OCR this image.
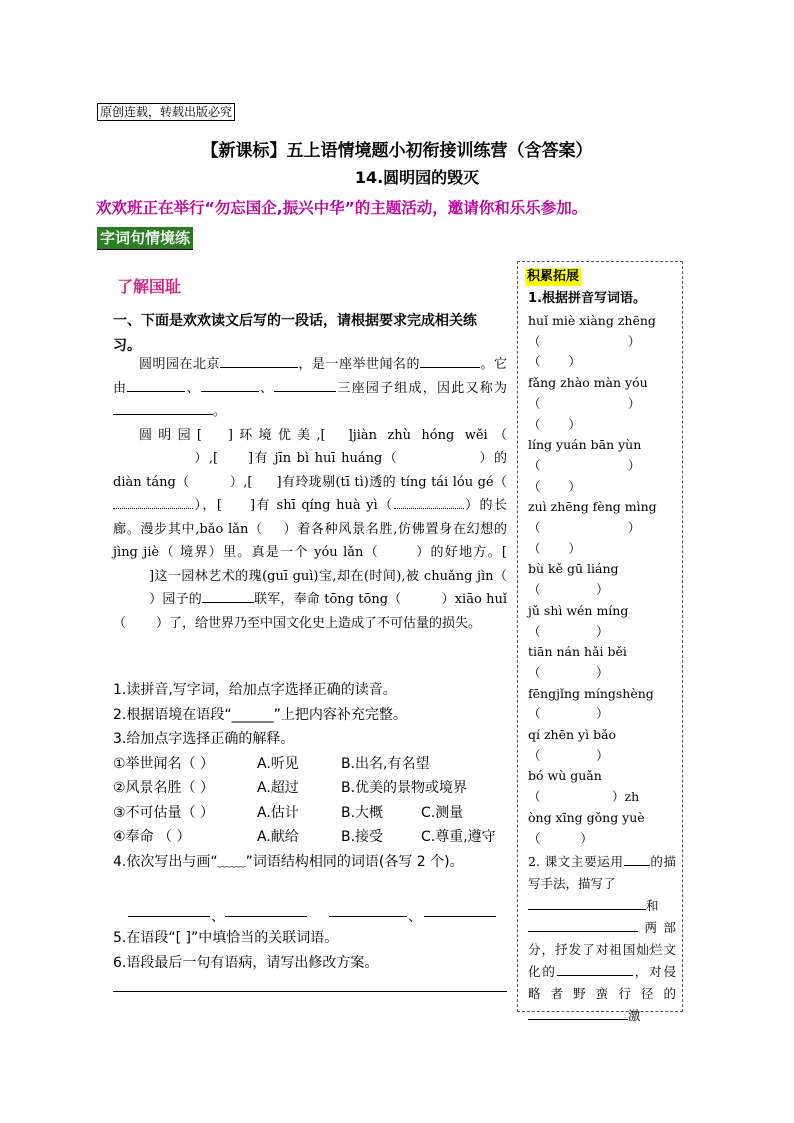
原创连载，转载出版必究
【新课标】五上语情境题小初衔接训练营（含答案）
14.圆明园的毁灭
欢欢班正在举行“勿忘国企,振兴中华”的主题活动，邀请你和乐乐参加。
字词句情境练
了解国耻
一、下面是欢欢读文后写的一段话，请根据要求完成相关练习。

圆明园在北京	，是一座举世闻名的	。它由	、	、	三座园子组成，因此又称为。

圆明园[ ]环境优美,[ ]jiàn zhù hóng wěi（）,[ ]有 jīn bì huī huáng（	）的 diàn táng（	）,[ ]有玲珑剔(tī tì)透的 tíng tái lóu gé（），[ ]有 shī qíng huà yì（	）的长廊。漫步其中,bǎo lǎn（ ）着各种风景名胜,仿佛置身在幻想的 jìng jiè（ 境界）里。真是一个 yóu lǎn（	）的好地方。[]这一园林艺术的瑰(guī guì)宝,却在(时间),被 chuǎng jìn（）园子的	联军，奉命 tōng tōng（	）xiāo huǐ（ ）了，给世界乃至中国文化史上造成了不可估量的损失。

1.读拼音,写字词，给加点字选择正确的读音。
2.根据语境在语段“______”上把内容补充完整。
3.给加点字选择正确的解释。
①举世闻名（ ）	A.听见	B.出名,有名望
②风景名胜（ ）	A.超过	B.优美的景物或境界
③不可估量（ ）	A.估计	B.大概	C.测量
④奉命 （ ）	A.献给	B.接受	C.尊重,遵守
4.依次写出与画“﹏﹏”词语结构相同的词语(各写 2 个)。
、	、
5.在语段“[ ]”中填恰当的关联词语。
6.语段最后一句有语病，请写出修改方案。
积累拓展
1.根据拼音写词语。
huǐ miè xiàng zhēng
（                      ）
（       ）
fǎng zhào màn yóu
（                      ）
（       ）
líng yuán bān yùn
（                      ）
（       ）
zuì zhēng fèng mìng
（                      ）
（       ）
bù kě gū liáng
（              ）
jǔ shì wén míng
（              ）
tiān nán hǎi běi
（              ）
fēngjǐng míngshèng
（              ）
qí zhēn yì bǎo
（              ）
bó wù guǎn
（                  ）zh
òng xīng gǒng yuè
（          ）
2. 课文主要运用 的描写手法，描写了
和
两部分，抒发了对祖国灿烂文化的	，对侵略者野蛮行径的激
